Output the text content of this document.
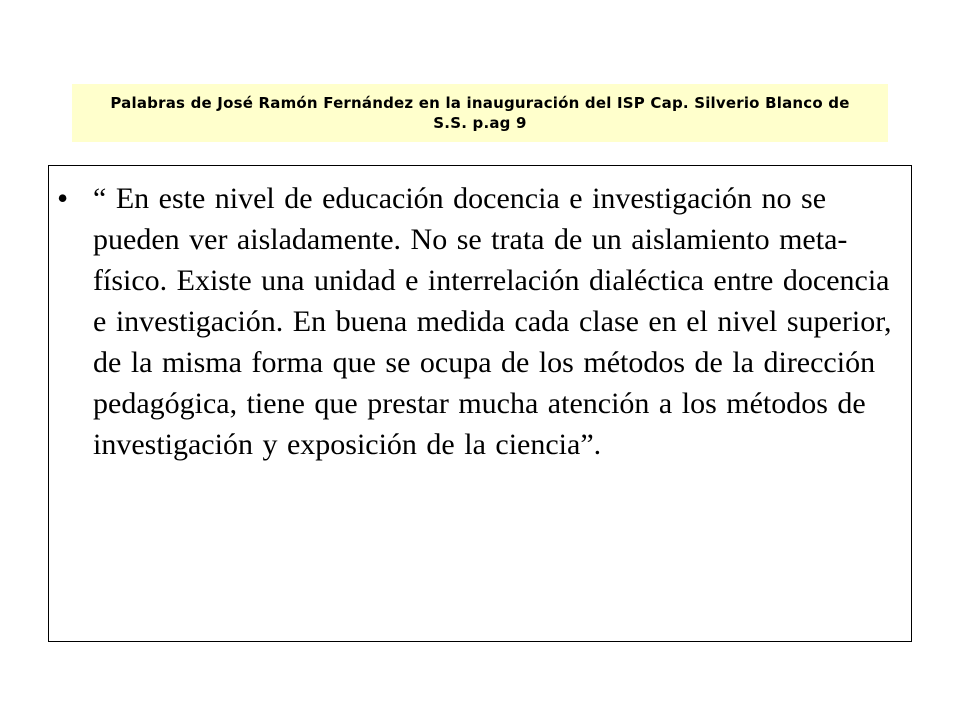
Palabras de José Ramón Fernández en la inauguración del ISP Cap. Silverio Blanco de S.S. p.ag 9
• “ En este nivel de educación docencia e investigación no se pueden ver aisladamente. No se trata de un aislamiento meta-físico. Existe una unidad e interrelación dialéctica entre docencia e investigación. En buena medida cada clase en el nivel superior, de la misma forma que se ocupa de los métodos de la dirección pedagógica, tiene que prestar mucha atención a los métodos de investigación y exposición de la ciencia”.
